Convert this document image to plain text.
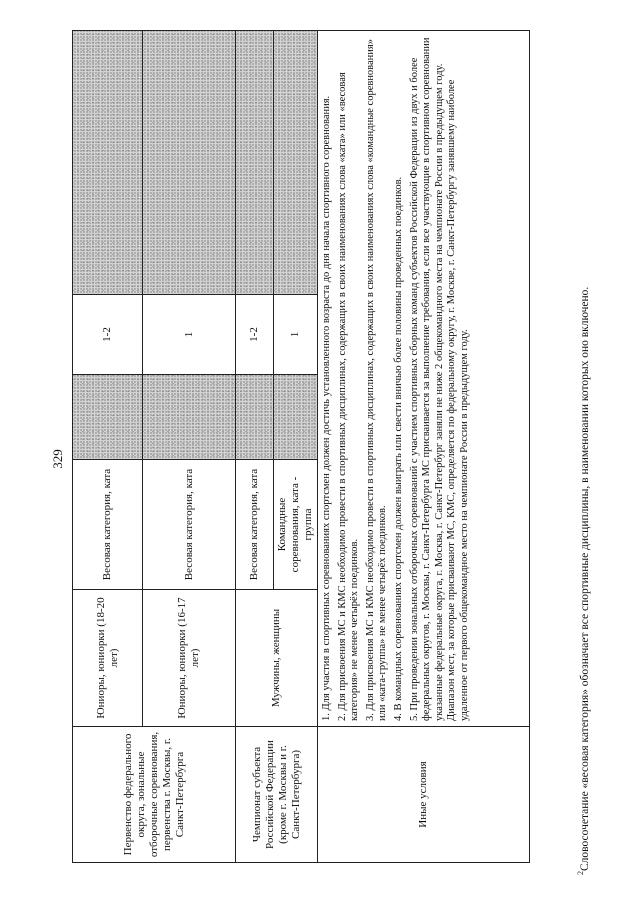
329
Первенство федерального округа, зональные отборочные соревнования, первенства г. Москвы, г. Санкт-Петербурга	Юниоры, юниорки (18-20 лет)	Весовая категория, ката		1-2	
	Юниоры, юниорки (16-17 лет)	Весовая категория, ката		1	
Чемпионат субъекта Российской Федерации (кроме г. Москвы и г. Санкт-Петербурга)	Мужчины, женщины	Весовая категория, ката		1-2	
		Командные соревнования, ката - группа		1	
Иные условия	1. Для участия в спортивных соревнованиях спортсмен должен достичь установленного возраста до дня начала спортивного соревнования. 2. Для присвоения МС и КМС необходимо провести в спортивных дисциплинах, содержащих в своих наименованиях слова «ката» или «весовая категория» не менее четырёх поединков. 3. Для присвоения МС и КМС необходимо провести в спортивных дисциплинах, содержащих в своих наименованиях слова «командные соревнования» или «ката-группа» не менее четырёх поединков. 4. В командных соревнованиях спортсмен должен выиграть или свести вничью более половины проведенных поединков. 5. При проведении зональных отборочных соревнований с участием спортивных сборных команд субъектов Российской Федерации из двух и более федеральных округов, г. Москвы, г. Санкт-Петербурга МС присваивается за выполнение требования, если все участвующие в спортивном соревновании указанные федеральные округа, г. Москва, г. Санкт-Петербург заняли не ниже 2 общекомандного места на чемпионате России в предыдущем году. Диапазон мест, за которые присваивают МС, КМС, определяется по федеральному округу, г. Москве, г. Санкт-Петербургу занявшему наиболее удаленное от первого общекомандное место на чемпионате России в предыдущем году.				

$^2$Словосочетание «весовая категория» обозначает все спортивные дисциплины, в наименовании которых оно включено.
